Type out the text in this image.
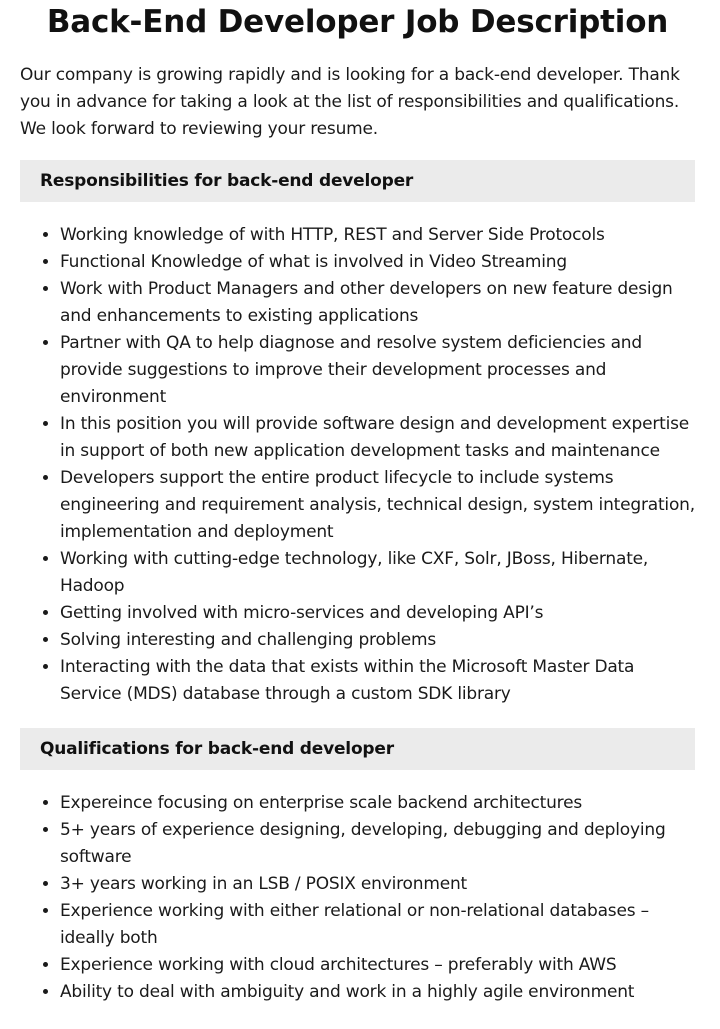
Back-End Developer Job Description

Our company is growing rapidly and is looking for a back-end developer. Thank you in advance for taking a look at the list of responsibilities and qualifications. We look forward to reviewing your resume.

Responsibilities for back-end developer
• Working knowledge of with HTTP, REST and Server Side Protocols
• Functional Knowledge of what is involved in Video Streaming
• Work with Product Managers and other developers on new feature design and enhancements to existing applications
• Partner with QA to help diagnose and resolve system deficiencies and provide suggestions to improve their development processes and environment
• In this position you will provide software design and development expertise in support of both new application development tasks and maintenance
• Developers support the entire product lifecycle to include systems engineering and requirement analysis, technical design, system integration, implementation and deployment
• Working with cutting-edge technology, like CXF, Solr, JBoss, Hibernate, Hadoop
• Getting involved with micro-services and developing API’s
• Solving interesting and challenging problems
• Interacting with the data that exists within the Microsoft Master Data Service (MDS) database through a custom SDK library
Qualifications for back-end developer
• Expereince focusing on enterprise scale backend architectures
• 5+ years of experience designing, developing, debugging and deploying software
• 3+ years working in an LSB / POSIX environment
• Experience working with either relational or non-relational databases – ideally both
• Experience working with cloud architectures – preferably with AWS
• Ability to deal with ambiguity and work in a highly agile environment
